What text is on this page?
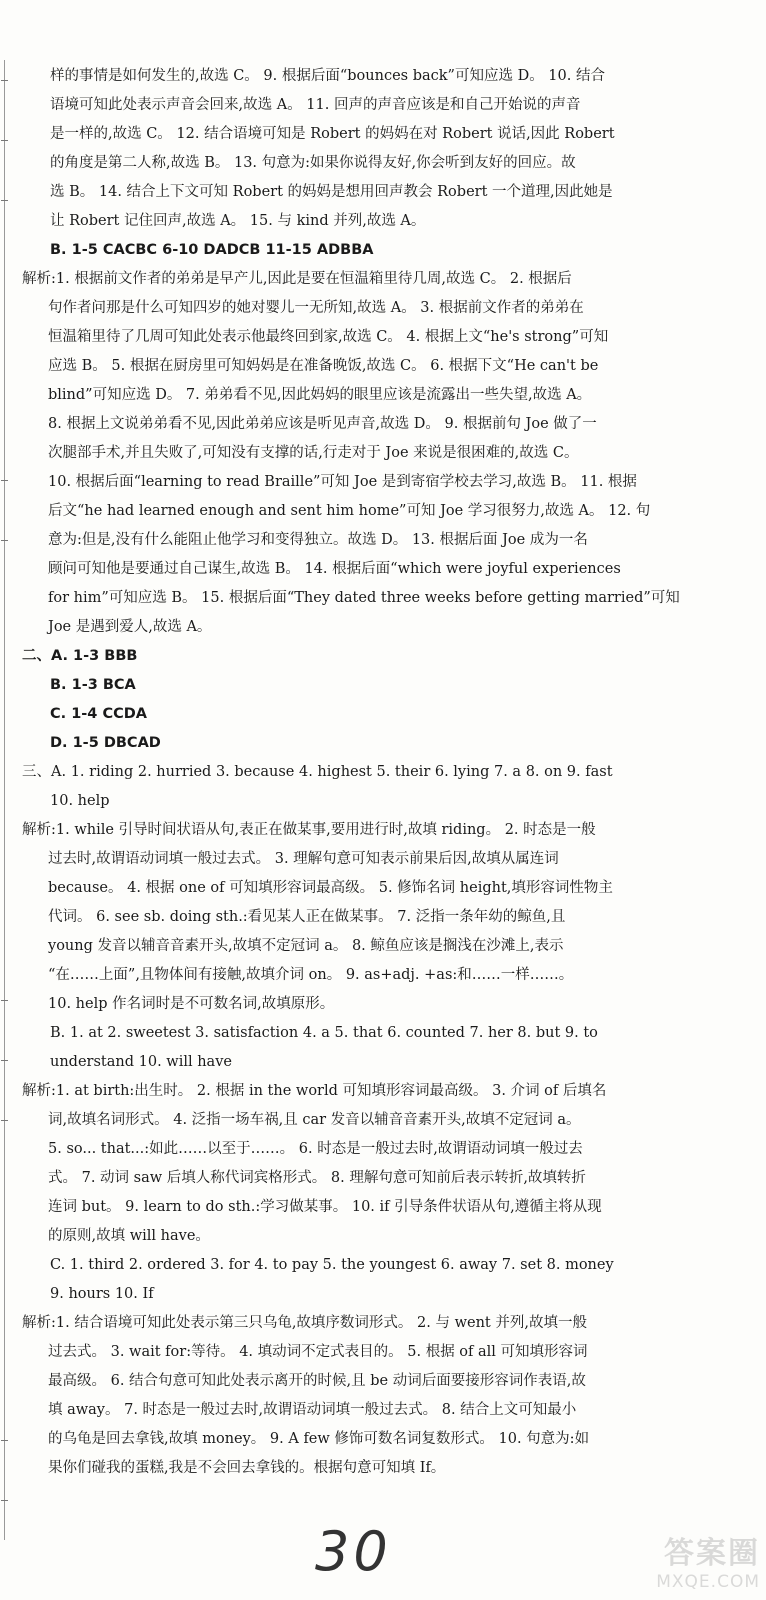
样的事情是如何发生的,故选 C。 9. 根据后面“bounces back”可知应选 D。 10. 结合
语境可知此处表示声音会回来,故选 A。 11. 回声的声音应该是和自己开始说的声音
是一样的,故选 C。 12. 结合语境可知是 Robert 的妈妈在对 Robert 说话,因此 Robert
的角度是第二人称,故选 B。 13. 句意为:如果你说得友好,你会听到友好的回应。故
选 B。 14. 结合上下文可知 Robert 的妈妈是想用回声教会 Robert 一个道理,因此她是
让 Robert 记住回声,故选 A。 15. 与 kind 并列,故选 A。
B. 1-5 CACBC 6-10 DADCB 11-15 ADBBA
解析:1. 根据前文作者的弟弟是早产儿,因此是要在恒温箱里待几周,故选 C。 2. 根据后
句作者问那是什么可知四岁的她对婴儿一无所知,故选 A。 3. 根据前文作者的弟弟在
恒温箱里待了几周可知此处表示他最终回到家,故选 C。 4. 根据上文“he's strong”可知
应选 B。 5. 根据在厨房里可知妈妈是在准备晚饭,故选 C。 6. 根据下文“He can't be
blind”可知应选 D。 7. 弟弟看不见,因此妈妈的眼里应该是流露出一些失望,故选 A。
8. 根据上文说弟弟看不见,因此弟弟应该是听见声音,故选 D。 9. 根据前句 Joe 做了一
次腿部手术,并且失败了,可知没有支撑的话,行走对于 Joe 来说是很困难的,故选 C。
10. 根据后面“learning to read Braille”可知 Joe 是到寄宿学校去学习,故选 B。 11. 根据
后文“he had learned enough and sent him home”可知 Joe 学习很努力,故选 A。 12. 句
意为:但是,没有什么能阻止他学习和变得独立。故选 D。 13. 根据后面 Joe 成为一名
顾问可知他是要通过自己谋生,故选 B。 14. 根据后面“which were joyful experiences
for him”可知应选 B。 15. 根据后面“They dated three weeks before getting married”可知
Joe 是遇到爱人,故选 A。
二、A. 1-3 BBB
B. 1-3 BCA
C. 1-4 CCDA
D. 1-5 DBCAD
三、A. 1. riding 2. hurried 3. because 4. highest 5. their 6. lying 7. a 8. on 9. fast
10. help
解析:1. while 引导时间状语从句,表正在做某事,要用进行时,故填 riding。 2. 时态是一般
过去时,故谓语动词填一般过去式。 3. 理解句意可知表示前果后因,故填从属连词
because。 4. 根据 one of 可知填形容词最高级。 5. 修饰名词 height,填形容词性物主
代词。 6. see sb. doing sth.:看见某人正在做某事。 7. 泛指一条年幼的鲸鱼,且
young 发音以辅音音素开头,故填不定冠词 a。 8. 鲸鱼应该是搁浅在沙滩上,表示
“在……上面”,且物体间有接触,故填介词 on。 9. as+adj. +as:和……一样……。
10. help 作名词时是不可数名词,故填原形。
B. 1. at 2. sweetest 3. satisfaction 4. a 5. that 6. counted 7. her 8. but 9. to
understand 10. will have
解析:1. at birth:出生时。 2. 根据 in the world 可知填形容词最高级。 3. 介词 of 后填名
词,故填名词形式。 4. 泛指一场车祸,且 car 发音以辅音音素开头,故填不定冠词 a。
5. so... that...:如此……以至于……。 6. 时态是一般过去时,故谓语动词填一般过去
式。 7. 动词 saw 后填人称代词宾格形式。 8. 理解句意可知前后表示转折,故填转折
连词 but。 9. learn to do sth.:学习做某事。 10. if 引导条件状语从句,遵循主将从现
的原则,故填 will have。
C. 1. third 2. ordered 3. for 4. to pay 5. the youngest 6. away 7. set 8. money
9. hours 10. If
解析:1. 结合语境可知此处表示第三只乌龟,故填序数词形式。 2. 与 went 并列,故填一般
过去式。 3. wait for:等待。 4. 填动词不定式表目的。 5. 根据 of all 可知填形容词
最高级。 6. 结合句意可知此处表示离开的时候,且 be 动词后面要接形容词作表语,故
填 away。 7. 时态是一般过去时,故谓语动词填一般过去式。 8. 结合上文可知最小
的乌龟是回去拿钱,故填 money。 9. A few 修饰可数名词复数形式。 10. 句意为:如
果你们碰我的蛋糕,我是不会回去拿钱的。根据句意可知填 If。
30	答案圈
MXQE.COM
